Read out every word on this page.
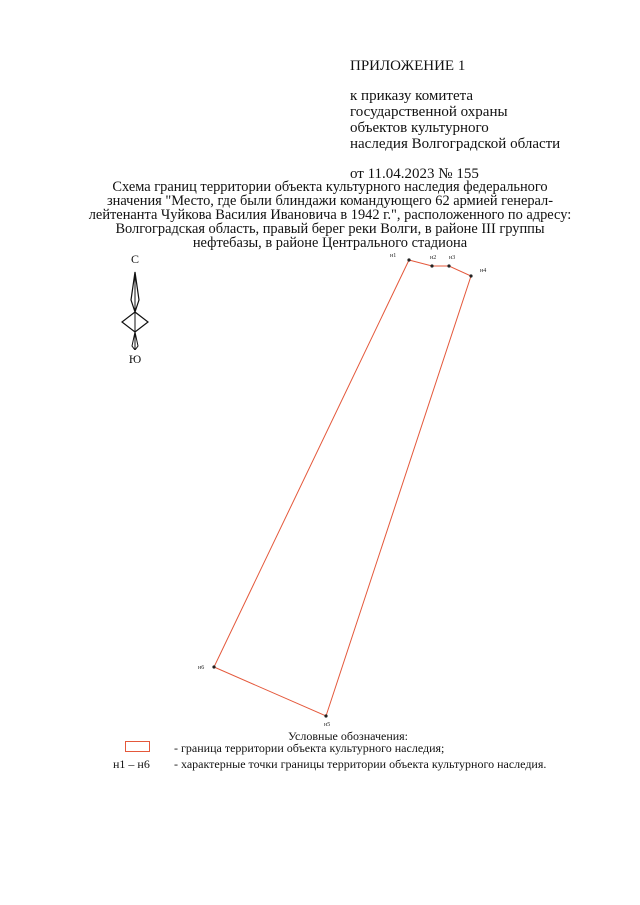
ПРИЛОЖЕНИЕ 1
к приказу комитета
государственной охраны
объектов культурного
наследия Волгоградской области
от 11.04.2023 № 155
Схема границ территории объекта культурного наследия федерального
значения "Место, где были блиндажи командующего 62 армией генерал-
лейтенанта Чуйкова Василия Ивановича в 1942 г.", расположенного по адресу:
Волгоградская область, правый берег реки Волги, в районе III группы
нефтебазы, в районе Центрального стадиона
С
Ю
н1	н2 н3
н4
н5
н6
Условные обозначения:
- граница территории объекта культурного наследия;
н1 – н6 - характерные точки границы территории объекта культурного наследия.
